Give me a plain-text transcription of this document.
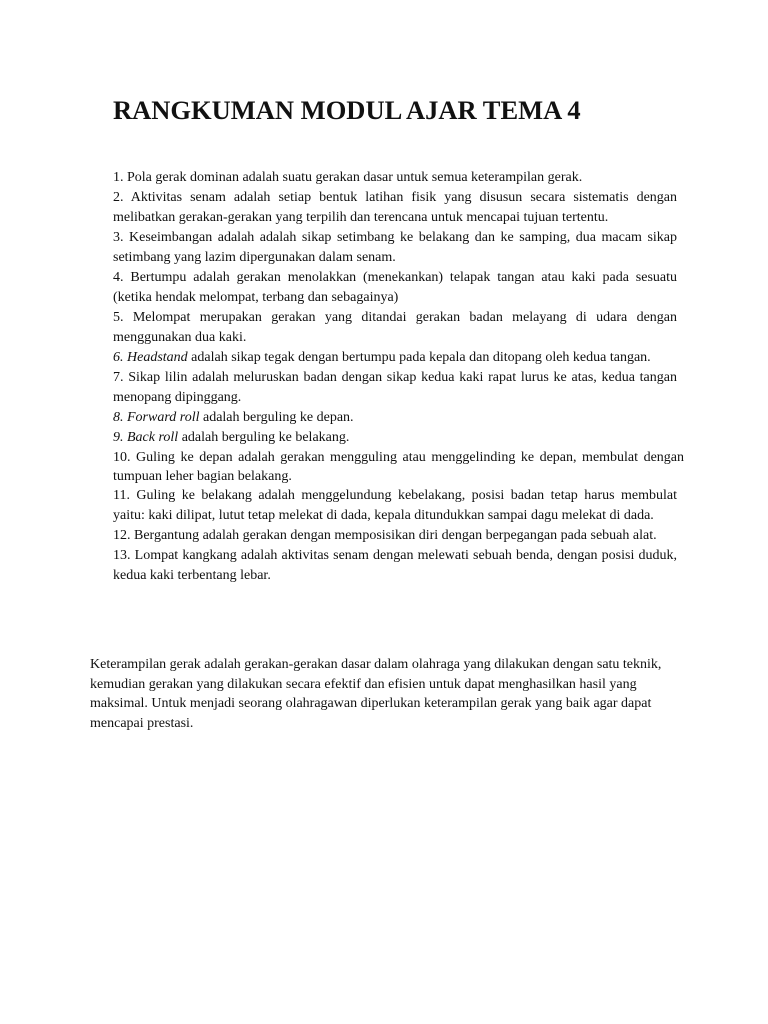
RANGKUMAN MODUL AJAR TEMA 4
1. Pola gerak dominan adalah suatu gerakan dasar untuk semua keterampilan gerak.
2. Aktivitas senam adalah setiap bentuk latihan fisik yang disusun secara sistematis dengan melibatkan gerakan-gerakan yang terpilih dan terencana untuk mencapai tujuan tertentu.
3. Keseimbangan adalah adalah sikap setimbang ke belakang dan ke samping, dua macam sikap setimbang yang lazim dipergunakan dalam senam.
4. Bertumpu adalah gerakan menolakkan (menekankan) telapak tangan atau kaki pada sesuatu (ketika hendak melompat, terbang dan sebagainya)
5. Melompat merupakan gerakan yang ditandai gerakan badan melayang di udara dengan menggunakan dua kaki.
6. Headstand adalah sikap tegak dengan bertumpu pada kepala dan ditopang oleh kedua tangan.
7. Sikap lilin adalah meluruskan badan dengan sikap kedua kaki rapat lurus ke atas, kedua tangan menopang dipinggang.
8. Forward roll adalah berguling ke depan.
9. Back roll adalah berguling ke belakang.
10. Guling ke depan adalah gerakan mengguling atau menggelinding ke depan, membulat dengan tumpuan leher bagian belakang.
11. Guling ke belakang adalah menggelundung kebelakang, posisi badan tetap harus membulat yaitu: kaki dilipat, lutut tetap melekat di dada, kepala ditundukkan sampai dagu melekat di dada.
12. Bergantung adalah gerakan dengan memposisikan diri dengan berpegangan pada sebuah alat.
13. Lompat kangkang adalah aktivitas senam dengan melewati sebuah benda, dengan posisi duduk, kedua kaki terbentang lebar.

Keterampilan gerak adalah gerakan-gerakan dasar dalam olahraga yang dilakukan dengan satu teknik, kemudian gerakan yang dilakukan secara efektif dan efisien untuk dapat menghasilkan hasil yang maksimal. Untuk menjadi seorang olahragawan diperlukan keterampilan gerak yang baik agar dapat mencapai prestasi.
